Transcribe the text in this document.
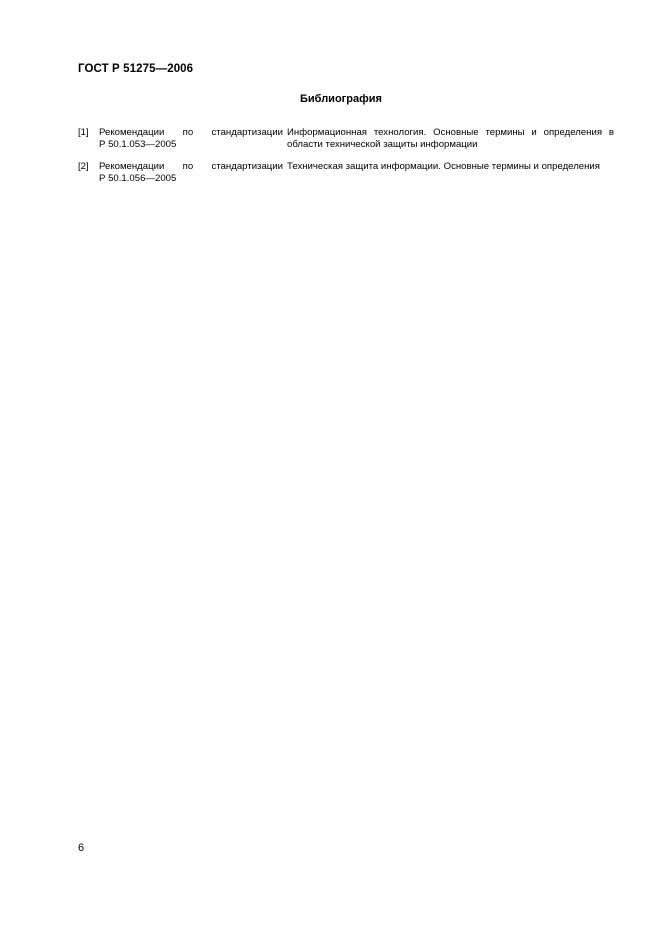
ГОСТ Р 51275—2006
Библиография
[1] Рекомендации по стандартизации
Р 50.1.053—2005
Информационная технология. Основные термины и определения в области технической защиты информации
[2] Рекомендации по стандартизации
Р 50.1.056—2005
Техническая защита информации. Основные термины и определения
6
